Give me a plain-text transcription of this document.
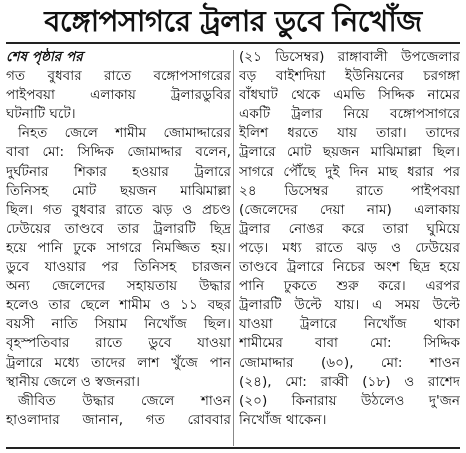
বঙ্গোপসাগরে ট্রলার ডুবে নিখোঁজ

শেষ পৃষ্ঠার পর

গত বুধবার রাতে বঙ্গোপসাগরের

পাইপবয়া এলাকায় ট্রলারডুবির

ঘটনাটি ঘটে।

নিহত জেলে শামীম জোমাদ্দারের

বাবা মো: সিদ্দিক জোমাদ্দার বলেন,

দুর্ঘটনার শিকার হওয়ার ট্রলারে

তিনিসহ মোট ছয়জন মাঝিমাল্লা

ছিল। গত বুধবার রাতে ঝড় ও প্রচণ্ড

ঢেউয়ের তাণ্ডবে তার ট্রলারটি ছিদ্র

হয়ে পানি ঢুকে সাগরে নিমজ্জিত হয়।

ডুবে যাওয়ার পর তিনিসহ চারজন

অন্য জেলেদের সহায়তায় উদ্ধার

হলেও তার ছেলে শামীম ও ১১ বছর

বয়সী নাতি সিয়াম নিখোঁজ ছিল।

বৃহস্পতিবার রাতে ডুবে যাওয়া

ট্রলারে মধ্যে তাদের লাশ খুঁজে পান

স্থানীয় জেলে ও স্বজনরা।

জীবিত উদ্ধার জেলে শাওন

হাওলাদার জানান, গত রোববার

(২১ ডিসেম্বর) রাঙ্গাবালী উপজেলার

বড় বাইশদিয়া ইউনিয়নের চরগঙ্গা

বাঁধঘাট থেকে এমভি সিদ্দিক নামের

একটি ট্রলার নিয়ে বঙ্গোপসাগরে

ইলিশ ধরতে যায় তারা। তাদের

ট্রলারে মোট ছয়জন মাঝিমাল্লা ছিল।

সাগরে পৌঁছে দুই দিন মাছ ধরার পর

২৪ ডিসেম্বর রাতে পাইপবয়া

(জেলেদের দেয়া নাম) এলাকায়

ট্রলার নোঙর করে তারা ঘুমিয়ে

পড়ে। মধ্য রাতে ঝড় ও ঢেউয়ের

তাণ্ডবে ট্রলারে নিচের অংশ ছিদ্র হয়ে

পানি ঢুকতে শুরু করে। এরপর

ট্রলারটি উল্টে যায়। এ সময় উল্টে

যাওয়া ট্রলারে নিখোঁজ থাকা

শামীমের বাবা মো: সিদ্দিক

জোমাদ্দার (৬০), মো: শাওন

(২৪), মো: রাব্বী (১৮) ও রাশেদ

(২০) কিনারায় উঠলেও দু'জন

নিখোঁজ থাকেন।
